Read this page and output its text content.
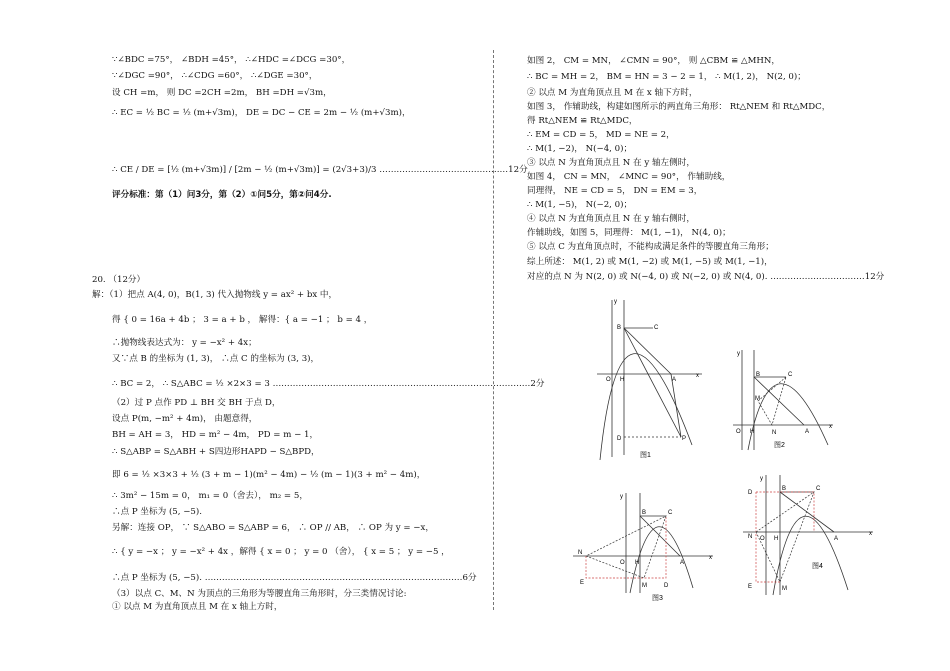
∵∠BDC =75°， ∠BDH =45°， ∴∠HDC =∠DCG =30°，
∵∠DGC =90°， ∴∠CDG =60°， ∴∠DGE =30°，
设 CH =m， 则 DC =2CH =2m， BH =DH =√3m，
∴ EC = ½ BC = ½ (m+√3m)， DE = DC − CE = 2m − ½ (m+√3m)，
∴ CE / DE = [½ (m+√3m)] / [2m − ½ (m+√3m)] = (2√3+3)/3 ………………………………………12分
评分标准：第（1）问3分，第（2）①问5分，第②问4分.
20. （12分）
解：（1）把点 A(4, 0)，B(1, 3) 代入抛物线 y = ax² + bx 中，
得 { 0 = 16a + 4b ； 3 = a + b ， 解得：{ a = −1 ； b = 4 ，
∴抛物线表达式为： y = −x² + 4x；
又∵点 B 的坐标为 (1, 3)， ∴点 C 的坐标为 (3, 3)，
∴ BC = 2， ∴ S△ABC = ½ ×2×3 = 3 ………………………………………………………………………………2分
（2）过 P 点作 PD ⊥ BH 交 BH 于点 D，
设点 P(m, −m² + 4m)， 由题意得，
BH = AH = 3， HD = m² − 4m， PD = m − 1，
∴ S△ABP = S△ABH + S四边形HAPD − S△BPD，
即 6 = ½ ×3×3 + ½ (3 + m − 1)(m² − 4m) − ½ (m − 1)(3 + m² − 4m)，
∴ 3m² − 15m = 0， m₁ = 0（舍去）， m₂ = 5，
∴点 P 坐标为 (5, −5).
另解：连接 OP， ∵ S△ABO = S△ABP = 6， ∴ OP // AB， ∴ OP 为 y = −x，
∴ { y = −x ； y = −x² + 4x ，解得 { x = 0 ； y = 0 （舍）， { x = 5 ； y = −5 ，
∴点 P 坐标为 (5, −5). ………………………………………………………………………………6分
（3）以点 C、M、N 为顶点的三角形为等腰直角三角形时，分三类情况讨论:
① 以点 M 为直角顶点且 M 在 x 轴上方时，
如图 2， CM = MN， ∠CMN = 90°， 则 △CBM ≌ △MHN，
∴ BC = MH = 2， BM = HN = 3 − 2 = 1， ∴ M(1, 2)， N(2, 0)；
② 以点 M 为直角顶点且 M 在 x 轴下方时，
如图 3， 作辅助线，构建如图所示的两直角三角形： Rt△NEM 和 Rt△MDC，
得 Rt△NEM ≌ Rt△MDC，
∴ EM = CD = 5， MD = NE = 2，
∴ M(1, −2)， N(−4, 0)；
③ 以点 N 为直角顶点且 N 在 y 轴左侧时，
如图 4， CN = MN， ∠MNC = 90°， 作辅助线，
同理得， NE = CD = 5， DN = EM = 3，
∴ M(1, −5)， N(−2, 0)；
④ 以点 N 为直角顶点且 N 在 y 轴右侧时，
作辅助线，如图 5，同理得： M(1, −1)， N(4, 0)；
⑤ 以点 C 为直角顶点时，不能构成满足条件的等腰直角三角形；
综上所述： M(1, 2) 或 M(1, −2) 或 M(1, −5) 或 M(1, −1)，
对应的点 N 为 N(2, 0) 或 N(−4, 0) 或 N(−2, 0) 或 N(4, 0). ……………………………12分
B	C
O H	A
D	P
x
y
图1
B	C
M
O H	N	A
x
y
图2
B	C
N
O H	A
E	M	D
x
y
图3
D
B	C
N O H	A
E	M
x
y
图4
